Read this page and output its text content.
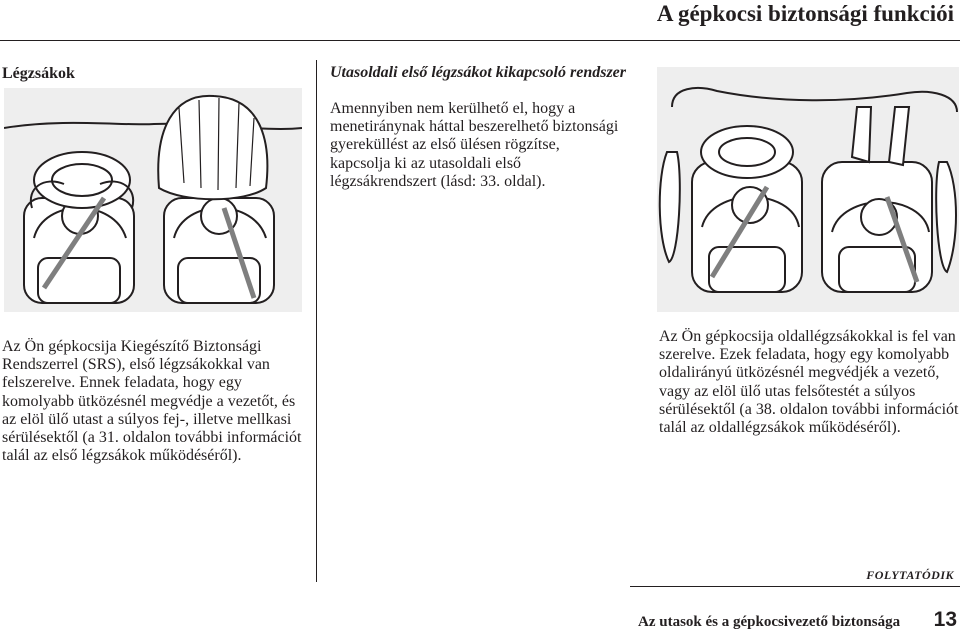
A gépkocsi biztonsági funkciói
Légzsákok	Utasoldali első légzsákot kikapcsoló rendszer
Amennyiben nem kerülhető el, hogy a menetiránynak háttal beszerelhető biztonsági gyereküllést az első ülésen rögzítse, kapcsolja ki az utasoldali első légzsákrendszert (lásd: 33. oldal).
Az Ön gépkocsija Kiegészítő Biztonsági Rendszerrel (SRS), első légzsákokkal van felszerelve. Ennek feladata, hogy egy komolyabb ütközésnél megvédje a vezetőt, és az elöl ülő utast a súlyos fej-, illetve mellkasi sérülésektől (a 31. oldalon további információt talál az első légzsákok működéséről).
Az Ön gépkocsija oldallégzsákokkal is fel van szerelve. Ezek feladata, hogy egy komolyabb oldalirányú ütközésnél megvédjék a vezető, vagy az elöl ülő utas felsőtestét a súlyos sérülésektől (a 38. oldalon további információt talál az oldallégzsákok működéséről).
FOLYTATÓDIK
Az utasok és a gépkocsivezető biztonsága 13
